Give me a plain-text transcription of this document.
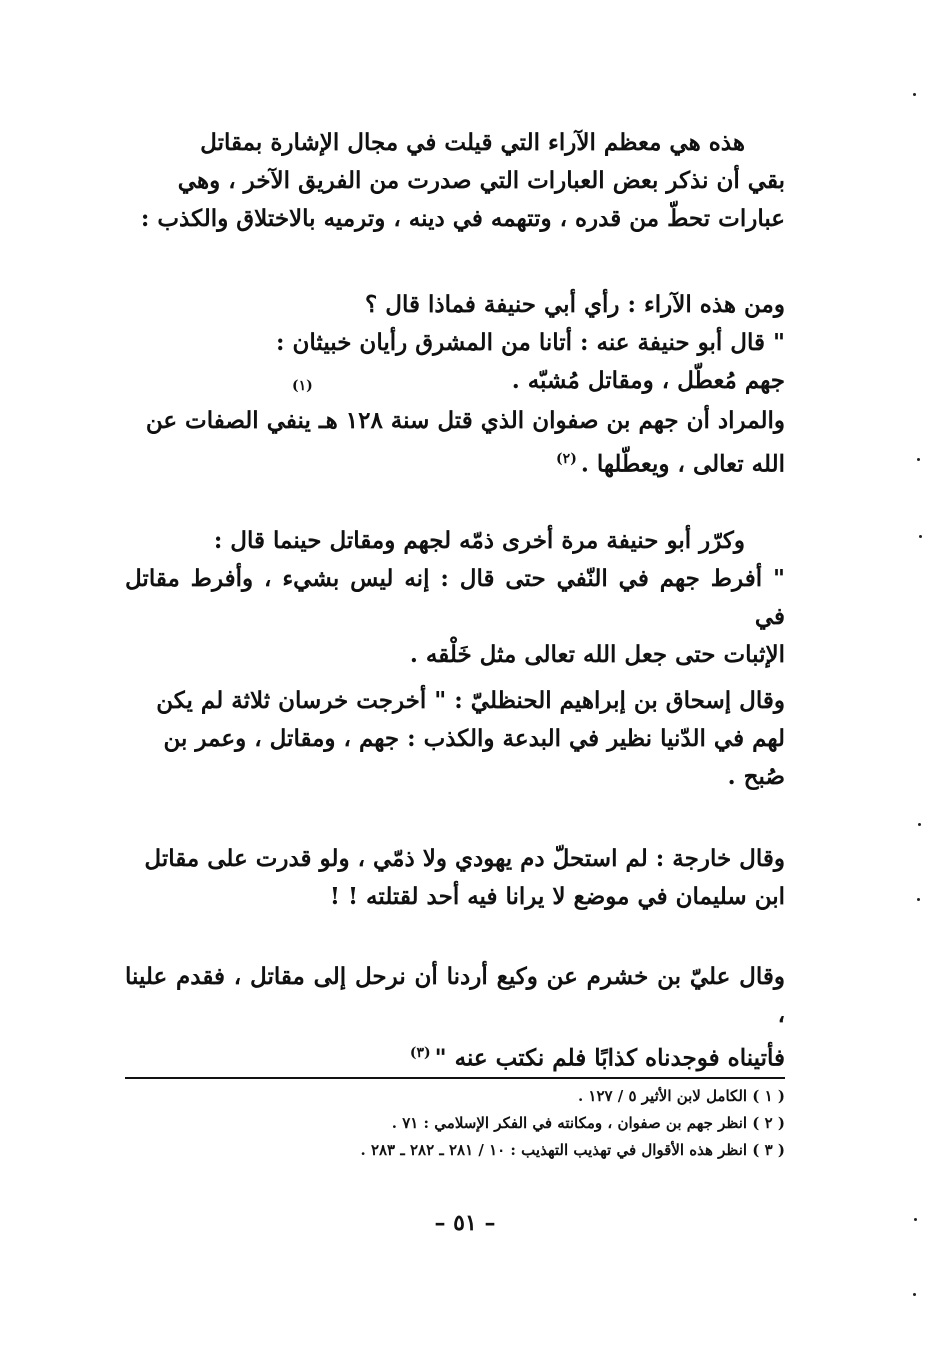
هذه هي معظم الآراء التي قيلت في مجال الإشارة بمقاتل
بقي أن نذكر بعض العبارات التي صدرت من الفريق الآخر ، وهي
عبارات تحطّ من قدره ، وتتهمه في دينه ، وترميه بالاختلاق والكذب :
ومن هذه الآراء : رأي أبي حنيفة فماذا قال ؟
" قال أبو حنيفة عنه : أتانا من المشرق رأيان خبيثان :
جهم مُعطّل ، ومقاتل مُشبّه .
(١)
والمراد أن جهم بن صفوان الذي قتل سنة ١٢٨ هـ ينفي الصفات عن
الله تعالى ، ويعطّلها .(٢)
وكرّر أبو حنيفة مرة أخرى ذمّه لجهم ومقاتل حينما قال :
" أفرط جهم في النّفي حتى قال : إنه ليس بشيء ، وأفرط مقاتل في
الإثبات حتى جعل الله تعالى مثل خَلْقه .
وقال إسحاق بن إبراهيم الحنظليّ : " أخرجت خرسان ثلاثة لم يكن
لهم في الدّنيا نظير في البدعة والكذب : جهم ، ومقاتل ، وعمر بن
صُبح .
وقال خارجة : لم استحلّ دم يهودي ولا ذمّي ، ولو قدرت على مقاتل
ابن سليمان في موضع لا يرانا فيه أحد لقتلته ! !
وقال عليّ بن خشرم عن وكيع أردنا أن نرحل إلى مقاتل ، فقدم علينا ،
فأتيناه فوجدناه كذابًا فلم نكتب عنه "(٣)
( ١ ) الكامل لابن الأثير ٥ / ١٢٧ .
( ٢ ) انظر جهم بن صفوان ، ومكانته في الفكر الإسلامي : ٧١ .
( ٣ ) انظر هذه الأقوال في تهذيب التهذيب : ١٠ / ٢٨١ ـ ٢٨٢ ـ ٢٨٣ .
– ٥١ –
